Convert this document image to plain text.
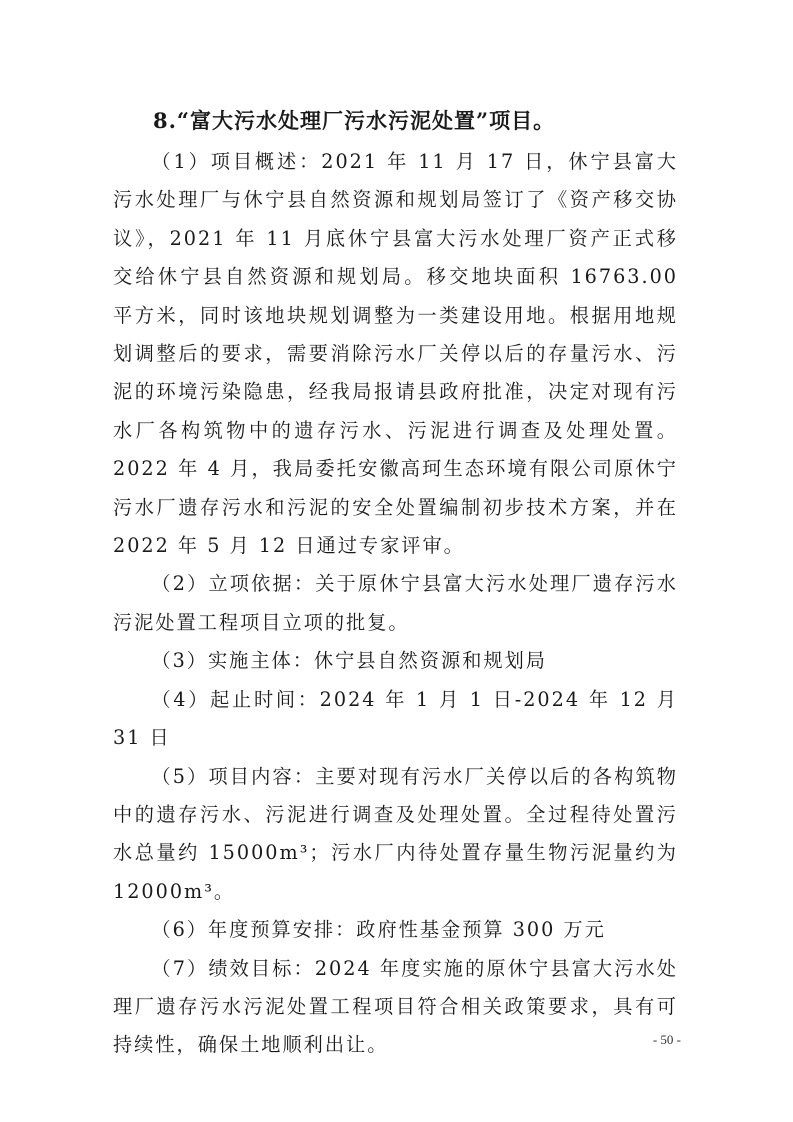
8.“富大污水处理厂污水污泥处置”项目。

（1）项目概述：2021 年 11 月 17 日，休宁县富大污水处理厂与休宁县自然资源和规划局签订了《资产移交协议》，2021 年 11 月底休宁县富大污水处理厂资产正式移交给休宁县自然资源和规划局。移交地块面积 16763.00 平方米，同时该地块规划调整为一类建设用地。根据用地规划调整后的要求，需要消除污水厂关停以后的存量污水、污泥的环境污染隐患，经我局报请县政府批准，决定对现有污水厂各构筑物中的遗存污水、污泥进行调查及处理处置。2022 年 4 月，我局委托安徽高珂生态环境有限公司原休宁污水厂遗存污水和污泥的安全处置编制初步技术方案，并在 2022 年 5 月 12 日通过专家评审。

（2）立项依据：关于原休宁县富大污水处理厂遗存污水污泥处置工程项目立项的批复。

（3）实施主体：休宁县自然资源和规划局

（4）起止时间：2024 年 1 月 1 日-2024 年 12 月 31 日

（5）项目内容：主要对现有污水厂关停以后的各构筑物中的遗存污水、污泥进行调查及处理处置。全过程待处置污水总量约 15000m³；污水厂内待处置存量生物污泥量约为 12000m³。

（6）年度预算安排：政府性基金预算 300 万元

（7）绩效目标：2024 年度实施的原休宁县富大污水处理厂遗存污水污泥处置工程项目符合相关政策要求，具有可持续性，确保土地顺利出让。	- 50 -
